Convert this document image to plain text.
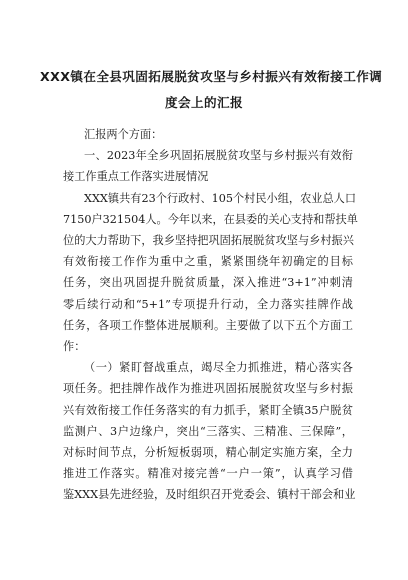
XXX镇在全县巩固拓展脱贫攻坚与乡村振兴有效衔接工作调

度会上的汇报

汇报两个方面：

一、2023年全乡巩固拓展脱贫攻坚与乡村振兴有效衔

接工作重点工作落实进展情况

XXX镇共有23个行政村、105个村民小组，农业总人口

7150户321504人。今年以来，在县委的关心支持和帮扶单

位的大力帮助下，我乡坚持把巩固拓展脱贫攻坚与乡村振兴

有效衔接工作作为重中之重，紧紧围绕年初确定的目标

任务，突出巩固提升脱贫质量，深入推进“3+1”冲刺清

零后续行动和“5+1”专项提升行动，全力落实挂牌作战

任务，各项工作整体进展顺利。主要做了以下五个方面工

作：

（一）紧盯督战重点，竭尽全力抓推进，精心落实各

项任务。把挂牌作战作为推进巩固拓展脱贫攻坚与乡村振

兴有效衔接工作任务落实的有力抓手，紧盯全镇35户脱贫

监测户、3户边缘户，突出“三落实、三精准、三保障”，

对标时间节点，分析短板弱项，精心制定实施方案，全力

推进工作落实。精准对接完善“一户一策”，认真学习借

鉴XXX县先进经验，及时组织召开党委会、镇村干部会和业
